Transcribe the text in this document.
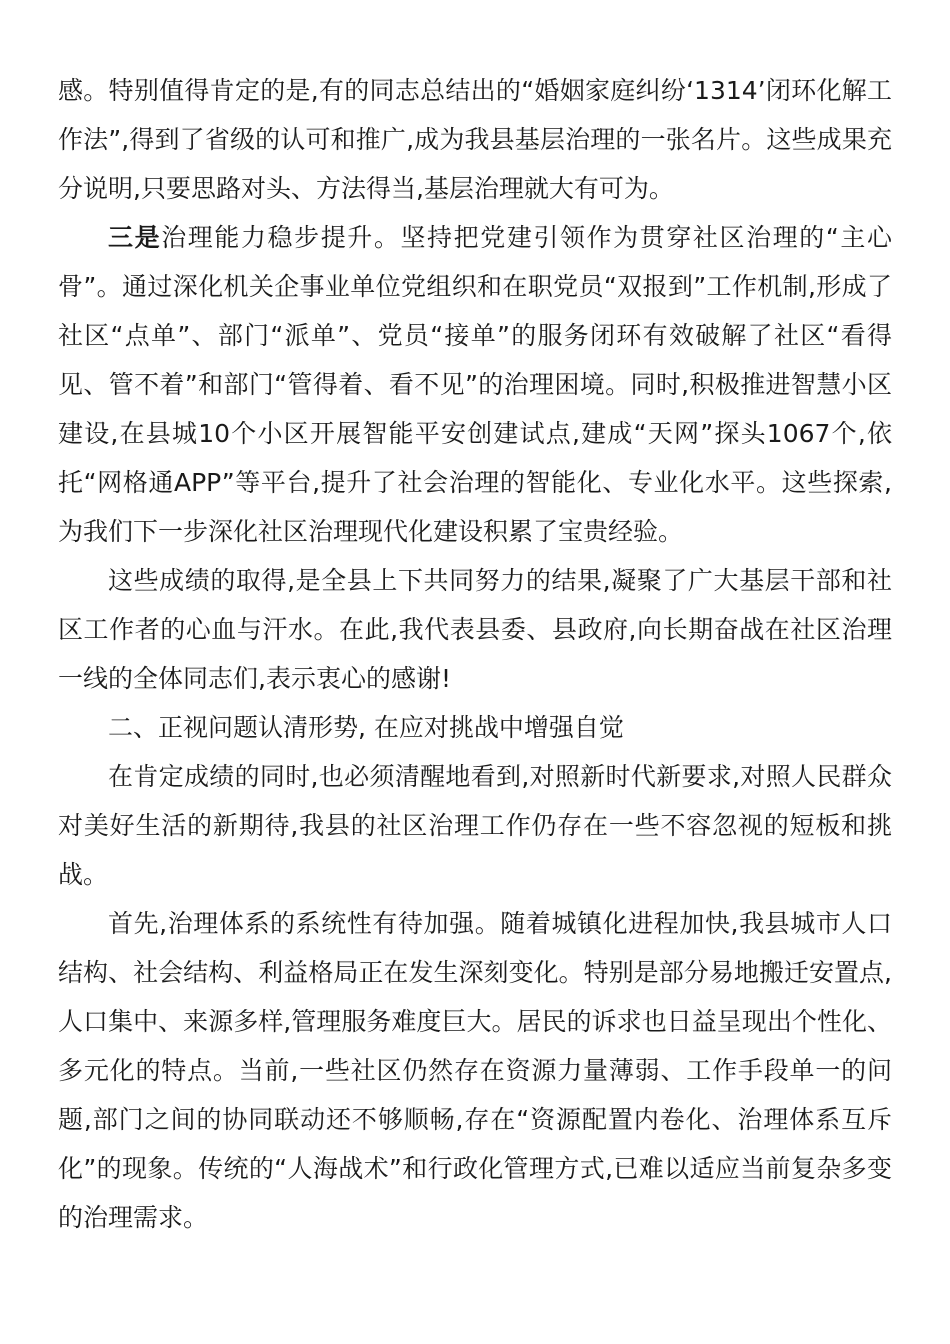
感。特别值得肯定的是,有的同志总结出的“婚姻家庭纠纷‘1314’闭环化解工作法”,得到了省级的认可和推广,成为我县基层治理的一张名片。这些成果充分说明,只要思路对头、方法得当,基层治理就大有可为。

三是治理能力稳步提升。坚持把党建引领作为贯穿社区治理的“主心骨”。通过深化机关企事业单位党组织和在职党员“双报到”工作机制,形成了社区“点单”、部门“派单”、党员“接单”的服务闭环有效破解了社区“看得见、管不着”和部门“管得着、看不见”的治理困境。同时,积极推进智慧小区建设,在县城10个小区开展智能平安创建试点,建成“天网”探头1067个,依托“网格通APP”等平台,提升了社会治理的智能化、专业化水平。这些探索,为我们下一步深化社区治理现代化建设积累了宝贵经验。

这些成绩的取得,是全县上下共同努力的结果,凝聚了广大基层干部和社区工作者的心血与汗水。在此,我代表县委、县政府,向长期奋战在社区治理一线的全体同志们,表示衷心的感谢!

二、正视问题认清形势, 在应对挑战中增强自觉

在肯定成绩的同时,也必须清醒地看到,对照新时代新要求,对照人民群众对美好生活的新期待,我县的社区治理工作仍存在一些不容忽视的短板和挑战。

首先,治理体系的系统性有待加强。随着城镇化进程加快,我县城市人口结构、社会结构、利益格局正在发生深刻变化。特别是部分易地搬迁安置点,人口集中、来源多样,管理服务难度巨大。居民的诉求也日益呈现出个性化、多元化的特点。当前,一些社区仍然存在资源力量薄弱、工作手段单一的问题,部门之间的协同联动还不够顺畅,存在“资源配置内卷化、治理体系互斥化”的现象。传统的“人海战术”和行政化管理方式,已难以适应当前复杂多变的治理需求。
